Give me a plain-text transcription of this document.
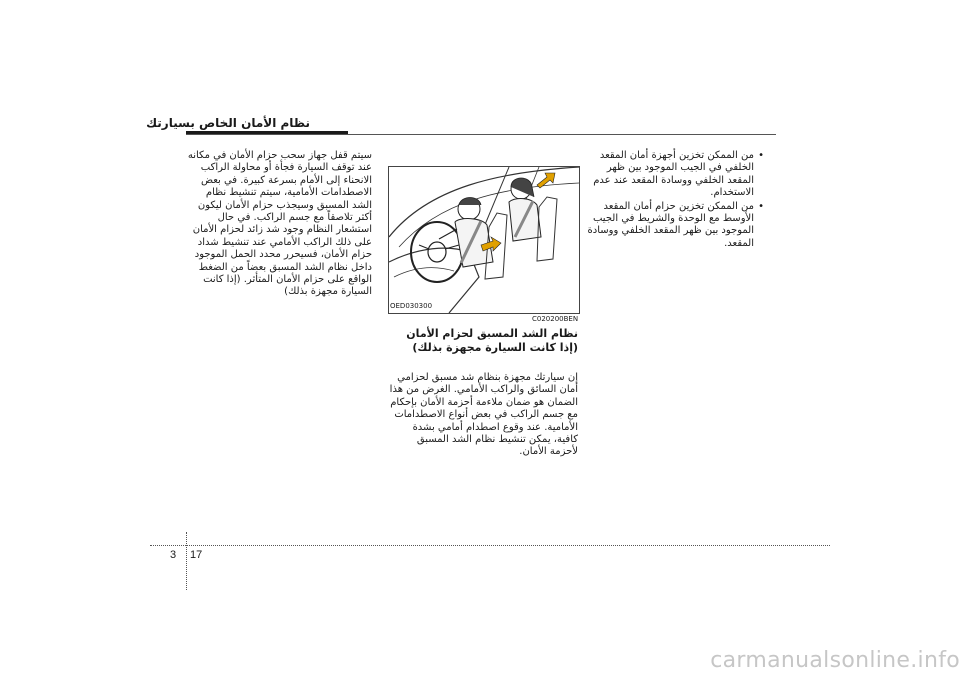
نظام الأمان الخاص بسيارتك
•
من الممكن تخزين أجهزة أمان المقعد الخلفي في الجيب الموجود بين ظهر المقعد الخلفي ووسادة المقعد عند عدم الاستخدام.
•
من الممكن تخزين حزام أمان المقعد الأوسط مع الوحدة والشريط في الجيب الموجود بين ظهر المقعد الخلفي ووسادة المقعد.
OED030300
C020200BEN
نظام الشد المسبق لحزام الأمان
(إذا كانت السيارة مجهزة بذلك)

إن سيارتك مجهزة بنظام شد مسبق لحزامي أمان السائق والراكب الأمامي. الغرض من هذا الضمان هو ضمان ملاءمة أحزمة الأمان بإحكام مع جسم الراكب في بعض أنواع الاصطدامات الأمامية. عند وقوع اصطدام أمامي بشدة كافية، يمكن تنشيط نظام الشد المسبق لأحزمة الأمان.

سيتم قفل جهاز سحب حزام الأمان في مكانه عند توقف السيارة فجأة أو محاولة الراكب الانحناء إلى الأمام بسرعة كبيرة. في بعض الاصطدامات الأمامية، سيتم تنشيط نظام الشد المسبق وسيجذب حزام الأمان ليكون أكثر تلاصقاً مع جسم الراكب. في حال استشعار النظام وجود شد زائد لحزام الأمان على ذلك الراكب الأمامي عند تنشيط شداد حزام الأمان، فسيحرر محدد الحمل الموجود داخل نظام الشد المسبق بعضاً من الضغط الواقع على حزام الأمان المتأثر. (إذا كانت السيارة مجهزة بذلك)

3 17
carmanualsonline.info
